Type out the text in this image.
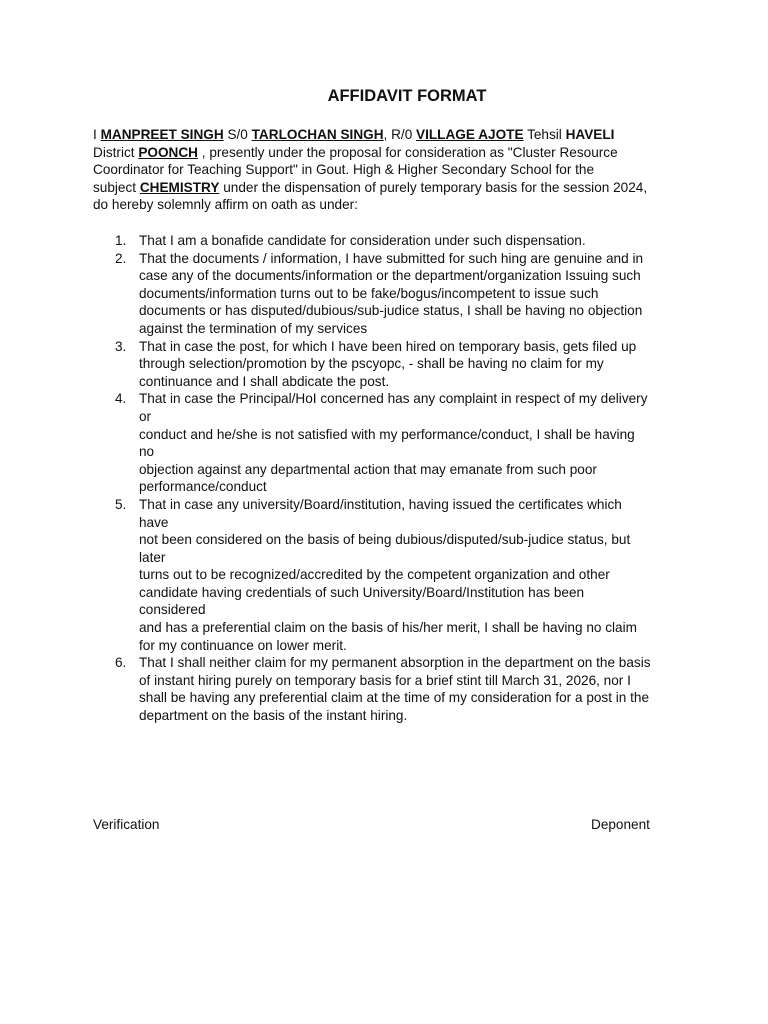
AFFIDAVIT FORMAT
I MANPREET SINGH S/0 TARLOCHAN SINGH, R/0 VILLAGE AJOTE Tehsil HAVELI
District POONCH , presently under the proposal for consideration as "Cluster Resource
Coordinator for Teaching Support" in Gout. High & Higher Secondary School for the
subject CHEMISTRY under the dispensation of purely temporary basis for the session 2024,
do hereby solemnly affirm on oath as under:
1. That I am a bonafide candidate for consideration under such dispensation.
2. That the documents / information, I have submitted for such hing are genuine and in
case any of the documents/information or the department/organization Issuing such
documents/information turns out to be fake/bogus/incompetent to issue such
documents or has disputed/dubious/sub-judice status, I shall be having no objection
against the termination of my services
3. That in case the post, for which I have been hired on temporary basis, gets filed up
through selection/promotion by the pscyopc, - shall be having no claim for my
continuance and I shall abdicate the post.
4. That in case the Principal/HoI concerned has any complaint in respect of my delivery
or
conduct and he/she is not satisfied with my performance/conduct, I shall be having
no
objection against any departmental action that may emanate from such poor
performance/conduct
5. That in case any university/Board/institution, having issued the certificates which
have
not been considered on the basis of being dubious/disputed/sub-judice status, but
later
turns out to be recognized/accredited by the competent organization and other
candidate having credentials of such University/Board/Institution has been
considered
and has a preferential claim on the basis of his/her merit, I shall be having no claim
for my continuance on lower merit.
6. That I shall neither claim for my permanent absorption in the department on the basis
of instant hiring purely on temporary basis for a brief stint till March 31, 2026, nor I
shall be having any preferential claim at the time of my consideration for a post in the
department on the basis of the instant hiring.
Verification	Deponent
